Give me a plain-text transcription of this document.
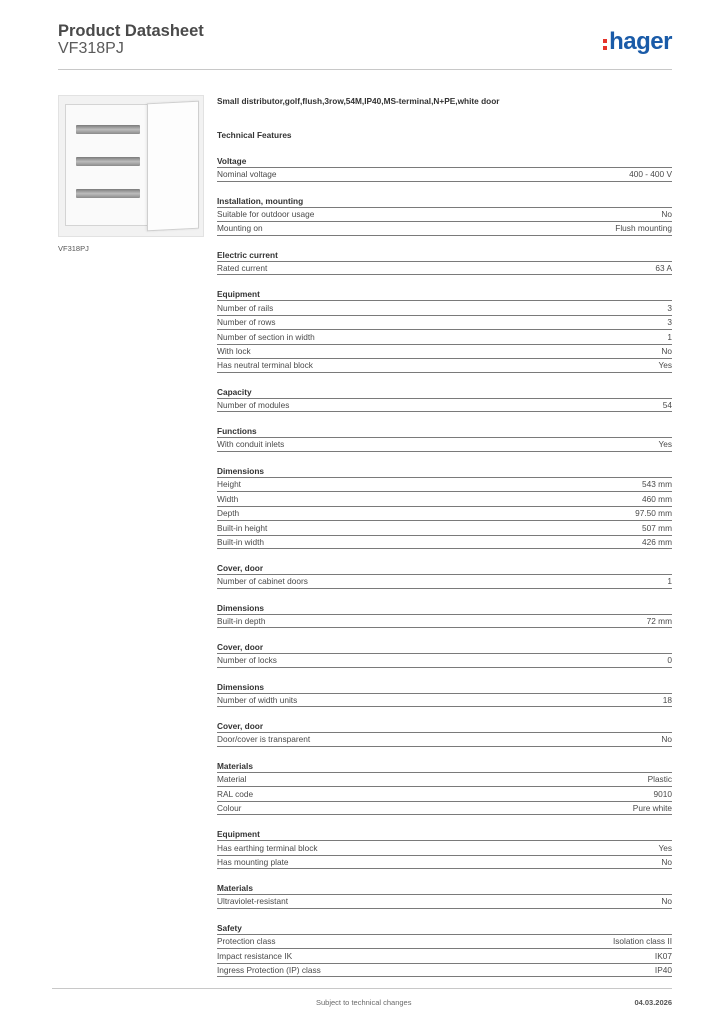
Product Datasheet
VF318PJ	hager
VF318PJ
Small distributor,golf,flush,3row,54M,IP40,MS-terminal,N+PE,white door
Technical Features
Voltage
Nominal voltage	400 - 400 V
Installation, mounting
Suitable for outdoor usage	No
Mounting on	Flush mounting
Electric current
Rated current	63 A
Equipment
Number of rails	3
Number of rows	3
Number of section in width	1
With lock	No
Has neutral terminal block	Yes
Capacity
Number of modules	54
Functions
With conduit inlets	Yes
Dimensions
Height	543 mm
Width	460 mm
Depth	97.50 mm
Built-in height	507 mm
Built-in width	426 mm
Cover, door
Number of cabinet doors	1
Dimensions
Built-in depth	72 mm
Cover, door
Number of locks	0
Dimensions
Number of width units	18
Cover, door
Door/cover is transparent	No
Materials
Material	Plastic
RAL code	9010
Colour	Pure white
Equipment
Has earthing terminal block	Yes
Has mounting plate	No
Materials
Ultraviolet-resistant	No
Safety
Protection class	Isolation class II
Impact resistance IK	IK07
Ingress Protection (IP) class	IP40
Subject to technical changes	04.03.2026
